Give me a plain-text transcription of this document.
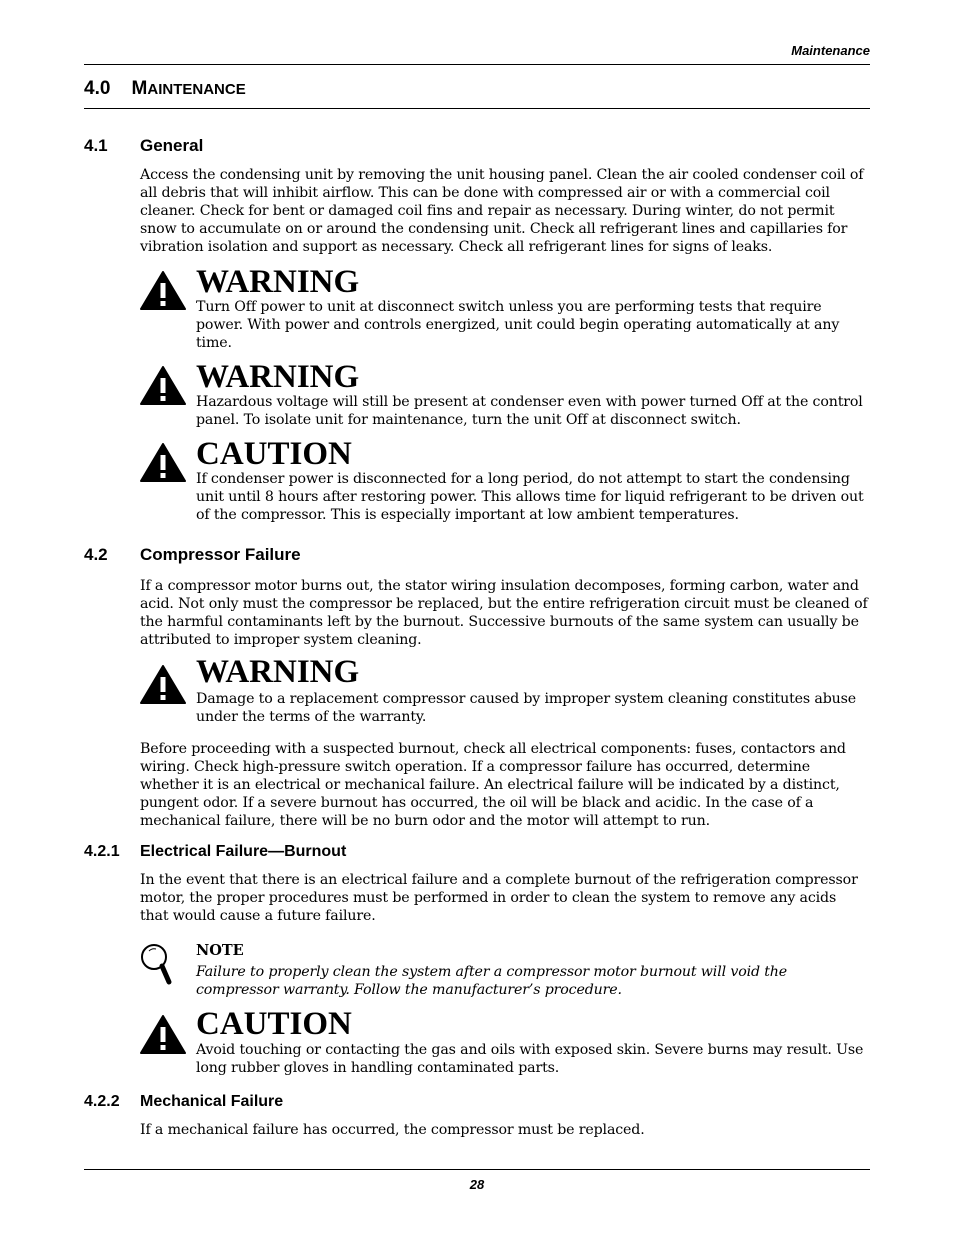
Maintenance
4.0 MAINTENANCE
4.1 General
Access the condensing unit by removing the unit housing panel. Clean the air cooled condenser coil of all debris that will inhibit airflow. This can be done with compressed air or with a commercial coil cleaner. Check for bent or damaged coil fins and repair as necessary. During winter, do not permit snow to accumulate on or around the condensing unit. Check all refrigerant lines and capillaries for vibration isolation and support as necessary. Check all refrigerant lines for signs of leaks.
WARNING
Turn Off power to unit at disconnect switch unless you are performing tests that require power. With power and controls energized, unit could begin operating automatically at any time.
WARNING
Hazardous voltage will still be present at condenser even with power turned Off at the control panel. To isolate unit for maintenance, turn the unit Off at disconnect switch.
CAUTION
If condenser power is disconnected for a long period, do not attempt to start the condensing unit until 8 hours after restoring power. This allows time for liquid refrigerant to be driven out of the compressor. This is especially important at low ambient temperatures.
4.2 Compressor Failure
If a compressor motor burns out, the stator wiring insulation decomposes, forming carbon, water and acid. Not only must the compressor be replaced, but the entire refrigeration circuit must be cleaned of the harmful contaminants left by the burnout. Successive burnouts of the same system can usually be attributed to improper system cleaning.
WARNING
Damage to a replacement compressor caused by improper system cleaning constitutes abuse under the terms of the warranty.
Before proceeding with a suspected burnout, check all electrical components: fuses, contactors and wiring. Check high-pressure switch operation. If a compressor failure has occurred, determine whether it is an electrical or mechanical failure. An electrical failure will be indicated by a distinct, pungent odor. If a severe burnout has occurred, the oil will be black and acidic. In the case of a mechanical failure, there will be no burn odor and the motor will attempt to run.
4.2.1 Electrical Failure—Burnout
In the event that there is an electrical failure and a complete burnout of the refrigeration compressor motor, the proper procedures must be performed in order to clean the system to remove any acids that would cause a future failure.
NOTE
Failure to properly clean the system after a compressor motor burnout will void the compressor warranty. Follow the manufacturer’s procedure.
CAUTION
Avoid touching or contacting the gas and oils with exposed skin. Severe burns may result. Use long rubber gloves in handling contaminated parts.
4.2.2 Mechanical Failure
If a mechanical failure has occurred, the compressor must be replaced.
28
